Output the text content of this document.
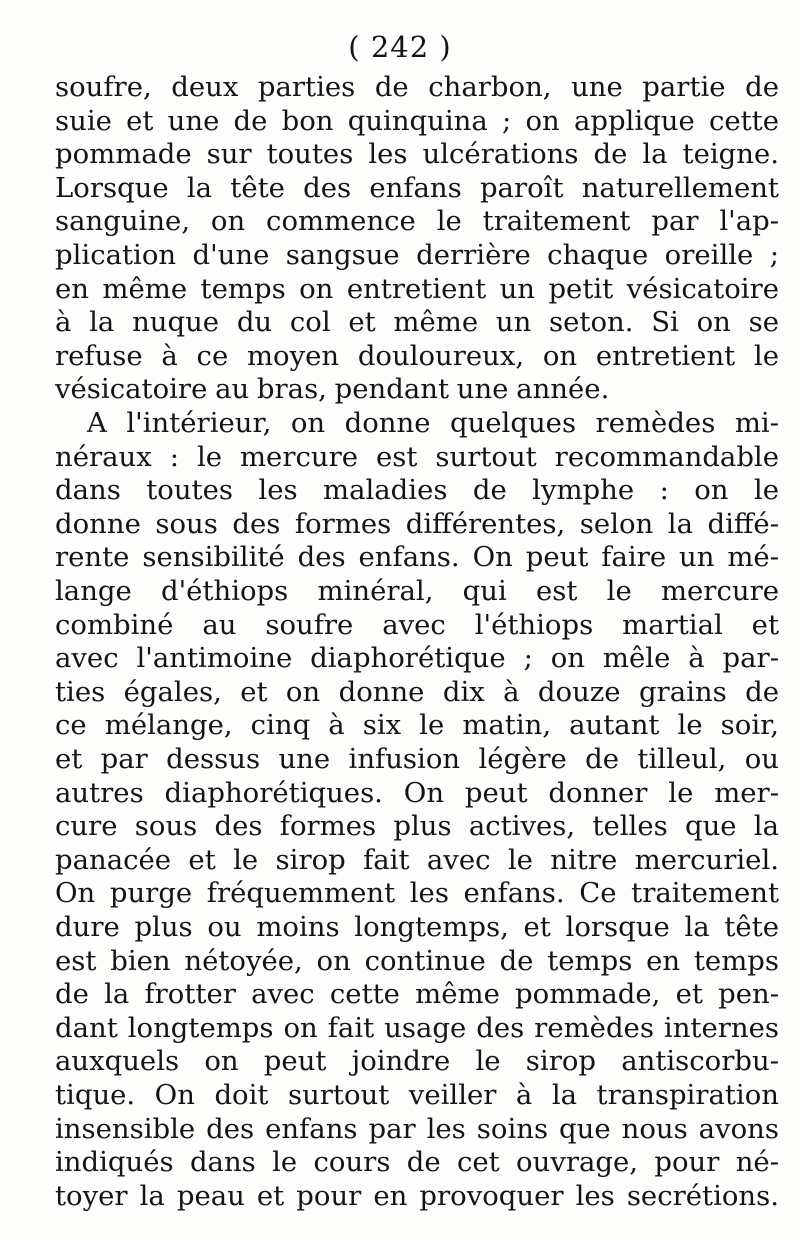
( 242 )
soufre, deux parties de charbon, une partie de
suie et une de bon quinquina ; on applique cette
pommade sur toutes les ulcérations de la teigne.
Lorsque la tête des enfans paroît naturellement
sanguine, on commence le traitement par l'ap-
plication d'une sangsue derrière chaque oreille ;
en même temps on entretient un petit vésicatoire
à la nuque du col et même un seton. Si on se
refuse à ce moyen douloureux, on entretient le
vésicatoire au bras, pendant une année.
A l'intérieur, on donne quelques remèdes mi-
néraux : le mercure est surtout recommandable
dans toutes les maladies de lymphe : on le
donne sous des formes différentes, selon la diffé-
rente sensibilité des enfans. On peut faire un mé-
lange d'éthiops minéral, qui est le mercure
combiné au soufre avec l'éthiops martial et
avec l'antimoine diaphorétique ; on mêle à par-
ties égales, et on donne dix à douze grains de
ce mélange, cinq à six le matin, autant le soir,
et par dessus une infusion légère de tilleul, ou
autres diaphorétiques. On peut donner le mer-
cure sous des formes plus actives, telles que la
panacée et le sirop fait avec le nitre mercuriel.
On purge fréquemment les enfans. Ce traitement
dure plus ou moins longtemps, et lorsque la tête
est bien nétoyée, on continue de temps en temps
de la frotter avec cette même pommade, et pen-
dant longtemps on fait usage des remèdes internes
auxquels on peut joindre le sirop antiscorbu-
tique. On doit surtout veiller à la transpiration
insensible des enfans par les soins que nous avons
indiqués dans le cours de cet ouvrage, pour né-
toyer la peau et pour en provoquer les secrétions.
